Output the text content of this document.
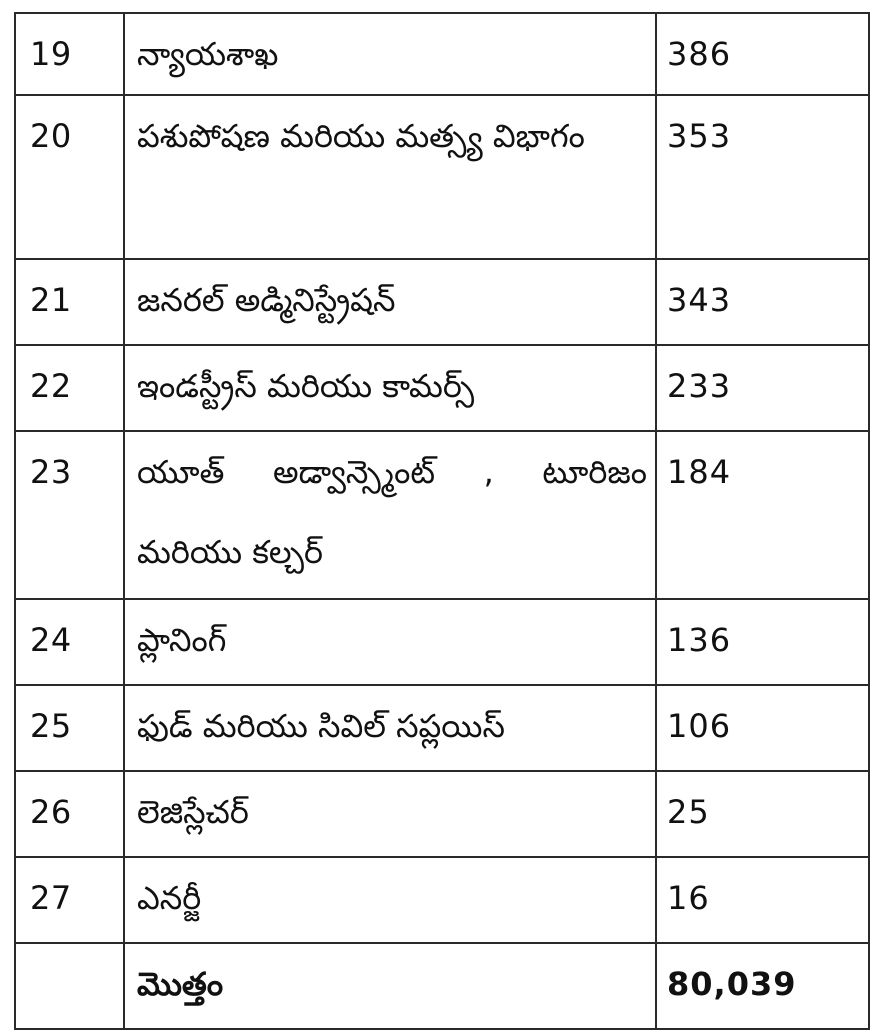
19	న్యాయశాఖ	386
20	పశుపోషణ మరియు మత్స్య విభాగం	353
21	జనరల్ అడ్మినిస్ట్రేషన్	343
22	ఇండస్ట్రీస్ మరియు కామర్స్	233
23	యూత్ అడ్వాన్స్మెంట్ , టూరిజం మరియు కల్చర్	184
24	ప్లానింగ్	136
25	ఫుడ్ మరియు సివిల్ సప్లయిస్	106
26	లెజిస్లేచర్	25
27	ఎనర్జీ	16
	మొత్తం	80,039
